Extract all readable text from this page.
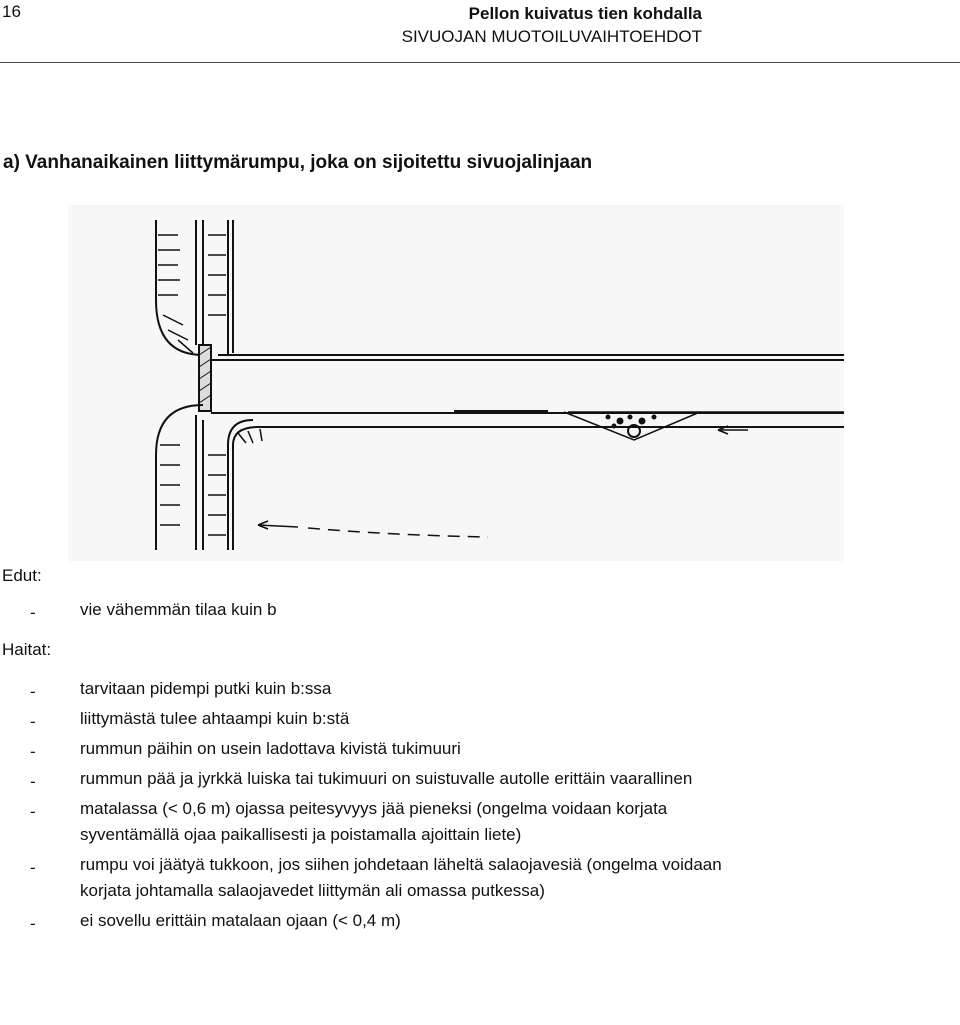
16	Pellon kuivatus tien kohdalla
SIVUOJAN MUOTOILUVAIHTOEHDOT
a) Vanhanaikainen liittymärumpu, joka on sijoitettu sivuojalinjaan
Edut:
-	vie vähemmän tilaa kuin b
Haitat:
-	tarvitaan pidempi putki kuin b:ssa
-	liittymästä tulee ahtaampi kuin b:stä
-	rummun päihin on usein ladottava kivistä tukimuuri
-	rummun pää ja jyrkkä luiska tai tukimuuri on suistuvalle autolle erittäin vaarallinen
-	matalassa (< 0,6 m) ojassa peitesyvyys jää pieneksi (ongelma voidaan korjata syventämällä ojaa paikallisesti ja poistamalla ajoittain liete)
-	rumpu voi jäätyä tukkoon, jos siihen johdetaan läheltä salaojavesiä (ongelma voidaan korjata johtamalla salaojavedet liittymän ali omassa putkessa)
-	ei sovellu erittäin matalaan ojaan (< 0,4 m)
